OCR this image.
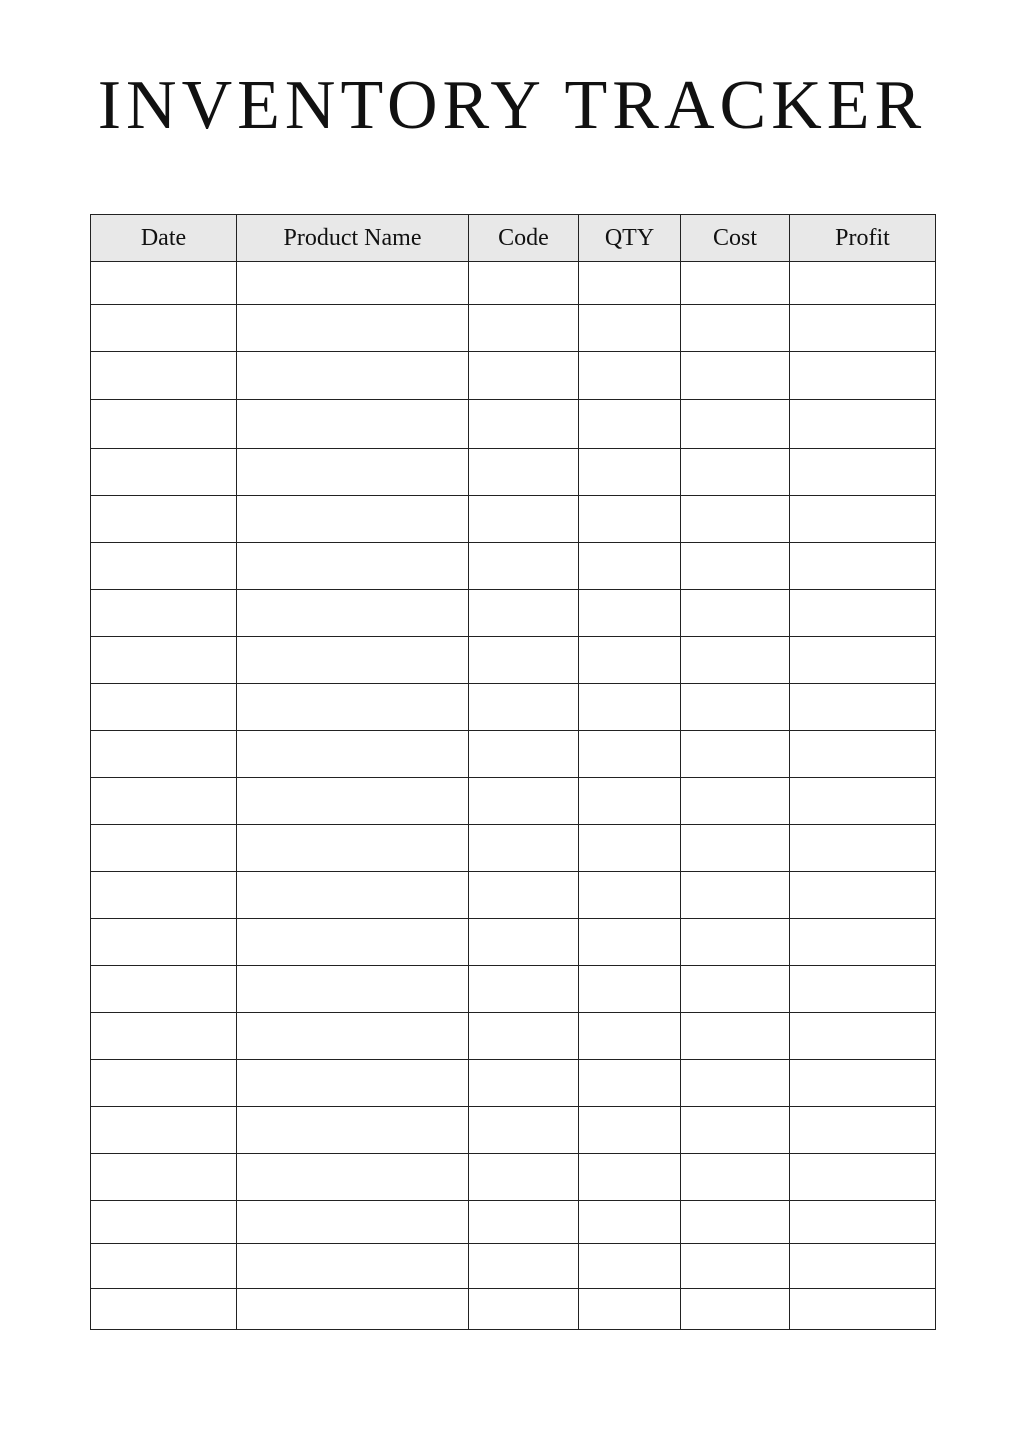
INVENTORY TRACKER
Date	Product Name	Code	QTY	Cost	Profit
